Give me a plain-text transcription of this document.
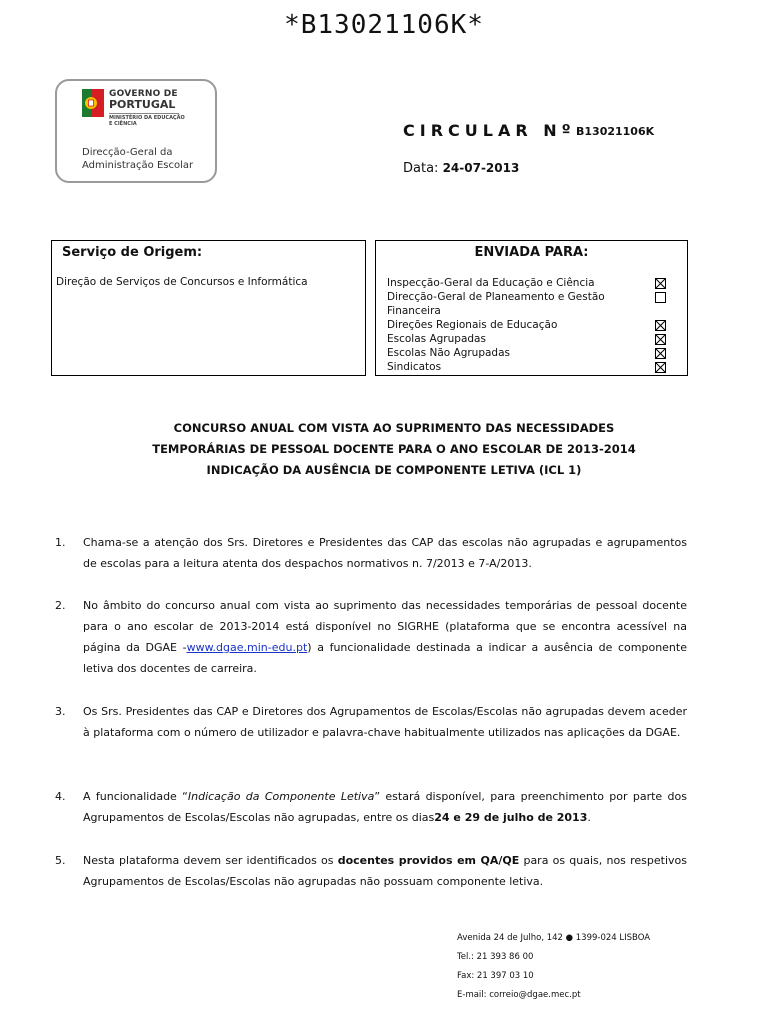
*B13021106K*
GOVERNO DE
PORTUGAL
MINISTÉRIO DA EDUCAÇÃO
E CIÊNCIA
Direcção-Geral da
Administração Escolar
CIRCULAR Nº B13021106K
Data: 24-07-2013
Serviço de Origem:
Direção de Serviços de Concursos e Informática
ENVIADA PARA:
Inspecção-Geral da Educação e Ciência
Direcção-Geral de Planeamento e Gestão Financeira
Direções Regionais de Educação
Escolas Agrupadas
Escolas Não Agrupadas
Sindicatos
CONCURSO ANUAL COM VISTA AO SUPRIMENTO DAS NECESSIDADES
TEMPORÁRIAS DE PESSOAL DOCENTE PARA O ANO ESCOLAR DE 2013-2014
INDICAÇÃO DA AUSÊNCIA DE COMPONENTE LETIVA (ICL 1)
1. Chama-se a atenção dos Srs. Diretores e Presidentes das CAP das escolas não agrupadas e agrupamentos de escolas para a leitura atenta dos despachos normativos n. 7/2013 e 7-A/2013.
2. No âmbito do concurso anual com vista ao suprimento das necessidades temporárias de pessoal docente para o ano escolar de 2013-2014 está disponível no SIGRHE (plataforma que se encontra acessível na página da DGAE -www.dgae.min-edu.pt) a funcionalidade destinada a indicar a ausência de componente letiva dos docentes de carreira.
3. Os Srs. Presidentes das CAP e Diretores dos Agrupamentos de Escolas/Escolas não agrupadas devem aceder à plataforma com o número de utilizador e palavra-chave habitualmente utilizados nas aplicações da DGAE.
4. A funcionalidade “Indicação da Componente Letiva” estará disponível, para preenchimento por parte dos Agrupamentos de Escolas/Escolas não agrupadas, entre os dias24 e 29 de julho de 2013.
5. Nesta plataforma devem ser identificados os docentes providos em QA/QE para os quais, nos respetivos Agrupamentos de Escolas/Escolas não agrupadas não possuam componente letiva.
Avenida 24 de Julho, 142 ● 1399-024 LISBOA
Tel.: 21 393 86 00
Fax: 21 397 03 10
E-mail: correio@dgae.mec.pt
